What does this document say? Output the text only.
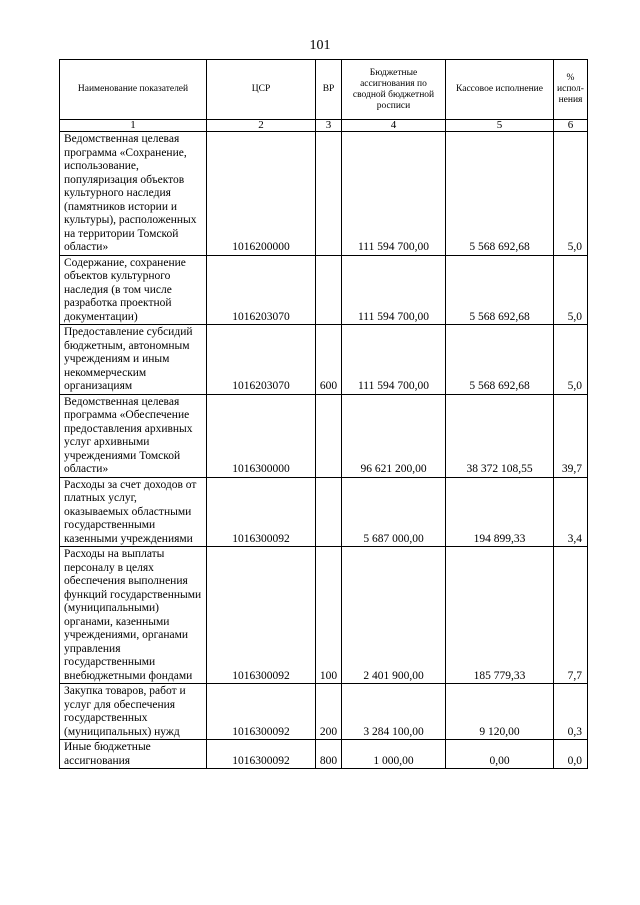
101
Наименование показателей	ЦСР	ВР	Бюджетные ассигнования по сводной бюджетной росписи	Кассовое исполнение	% испол-нения
1	2	3	4	5	6
Ведомственная целевая программа «Сохранение, использование, популяризация объектов культурного наследия (памятников истории и культуры), расположенных на территории Томской области»	1016200000		111 594 700,00	5 568 692,68	5,0
Содержание, сохранение объектов культурного наследия (в том числе разработка проектной документации)	1016203070		111 594 700,00	5 568 692,68	5,0
Предоставление субсидий бюджетным, автономным учреждениям и иным некоммерческим организациям	1016203070	600	111 594 700,00	5 568 692,68	5,0
Ведомственная целевая программа «Обеспечение предоставления архивных услуг архивными учреждениями Томской области»	1016300000		96 621 200,00	38 372 108,55	39,7
Расходы за счет доходов от платных услуг, оказываемых областными государственными казенными учреждениями	1016300092		5 687 000,00	194 899,33	3,4
Расходы на выплаты персоналу в целях обеспечения выполнения функций государственными (муниципальными) органами, казенными учреждениями, органами управления государственными внебюджетными фондами	1016300092	100	2 401 900,00	185 779,33	7,7
Закупка товаров, работ и услуг для обеспечения государственных (муниципальных) нужд	1016300092	200	3 284 100,00	9 120,00	0,3
Иные бюджетные ассигнования	1016300092	800	1 000,00	0,00	0,0
